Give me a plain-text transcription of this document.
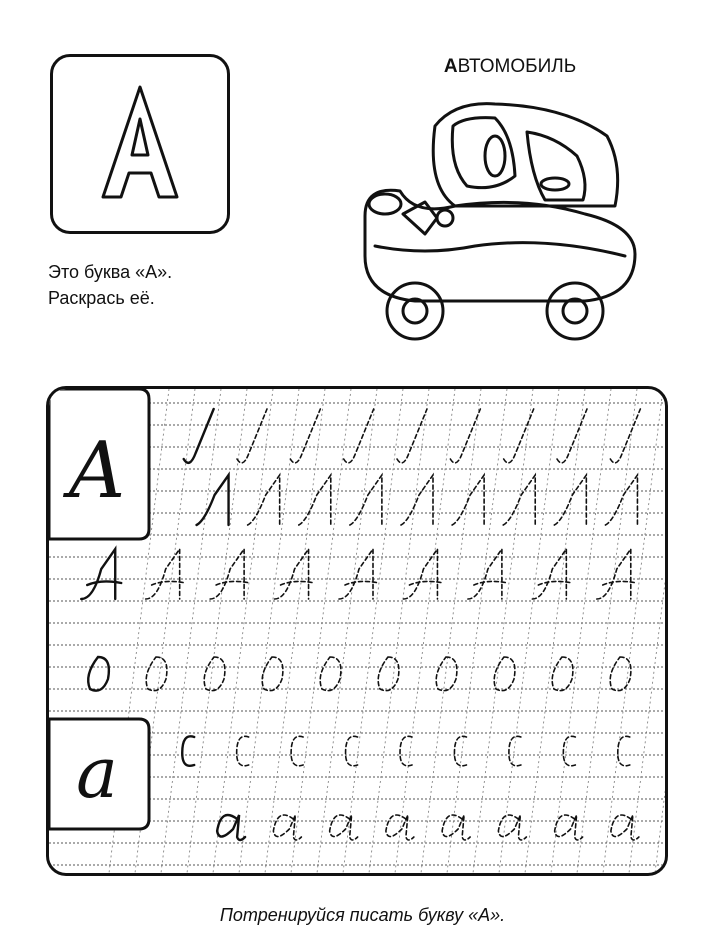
АВТОМОБИЛЬ
Это буква «А».
Раскрась её.
A
a
Потренируйся писать букву «А».
